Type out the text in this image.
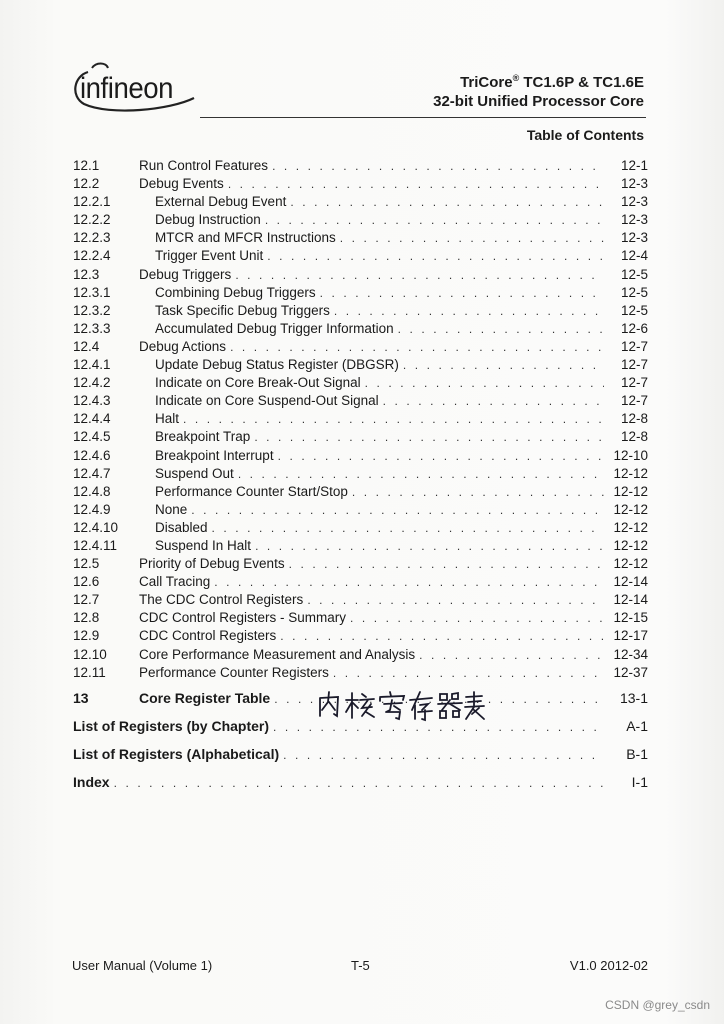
infineon	TriCore® TC1.6P & TC1.6E
32-bit Unified Processor Core
Table of Contents
12.1	Run Control Features . . .	12-1
12.2	Debug Events . . .	12-3
12.2.1	External Debug Event . . .	12-3
12.2.2	Debug Instruction . . .	12-3
12.2.3	MTCR and MFCR Instructions . . .	12-3
12.2.4	Trigger Event Unit . . .	12-4
12.3	Debug Triggers . . .	12-5
12.3.1	Combining Debug Triggers . . .	12-5
12.3.2	Task Specific Debug Triggers . . .	12-5
12.3.3	Accumulated Debug Trigger Information . . .	12-6
12.4	Debug Actions . . .	12-7
12.4.1	Update Debug Status Register (DBGSR) . . .	12-7
12.4.2	Indicate on Core Break-Out Signal . . .	12-7
12.4.3	Indicate on Core Suspend-Out Signal . . .	12-7
12.4.4	Halt . . .	12-8
12.4.5	Breakpoint Trap . . .	12-8
12.4.6	Breakpoint Interrupt . . .	12-10
12.4.7	Suspend Out . . .	12-12
12.4.8	Performance Counter Start/Stop . . .	12-12
12.4.9	None . . .	12-12
12.4.10	Disabled . . .	12-12
12.4.11	Suspend In Halt . . .	12-12
12.5	Priority of Debug Events . . .	12-12
12.6	Call Tracing . . .	12-14
12.7	The CDC Control Registers . . .	12-14
12.8	CDC Control Registers - Summary . . .	12-15
12.9	CDC Control Registers . . .	12-17
12.10	Core Performance Measurement and Analysis . . .	12-34
12.11	Performance Counter Registers . . .	12-37
13	Core Register Table . . .	13-1
List of Registers (by Chapter) . . .	A-1
List of Registers (Alphabetical) . . .	B-1
Index . . .	I-1
User Manual (Volume 1)	T-5	V1.0 2012-02
CSDN @grey_csdn
